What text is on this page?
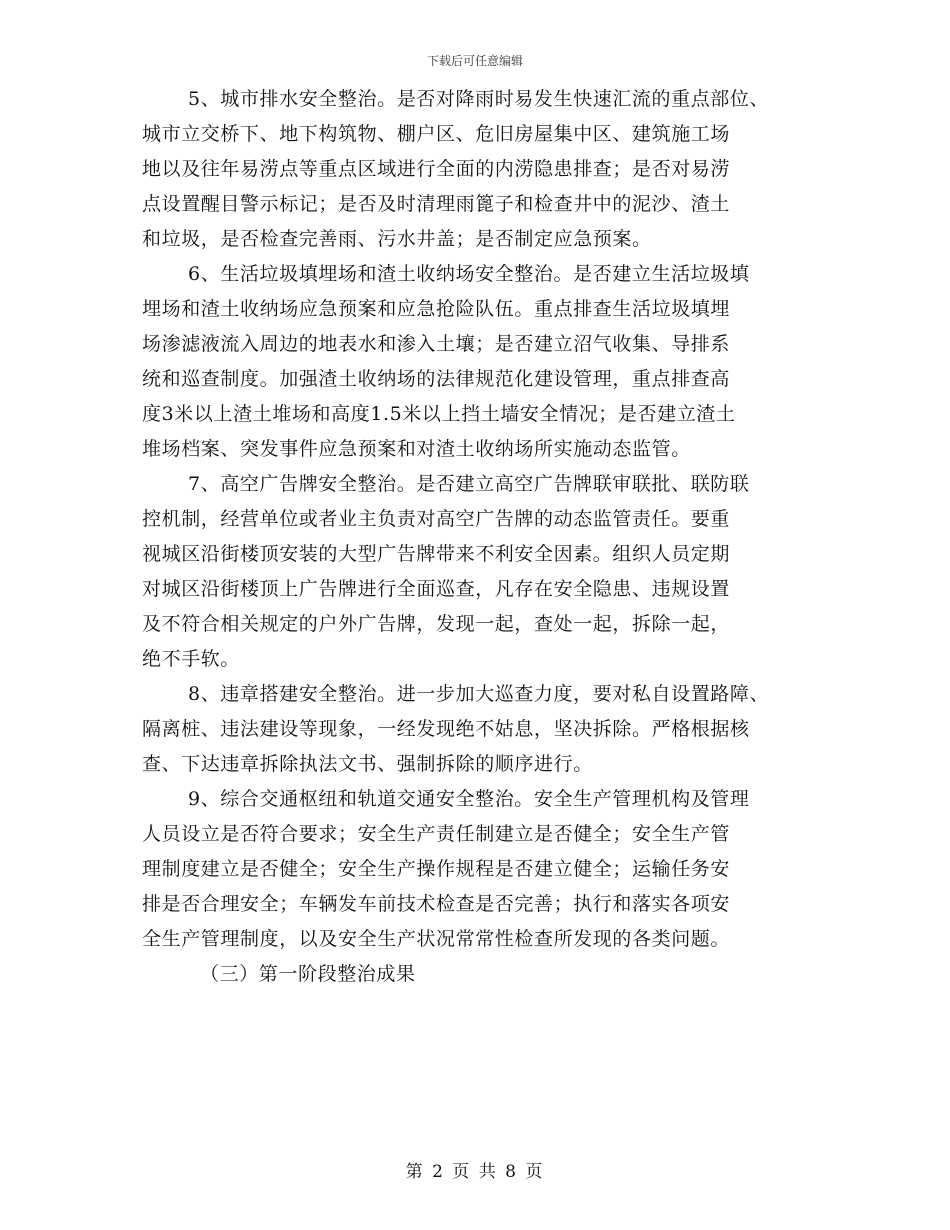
下载后可任意编辑
5、城市排水安全整治。是否对降雨时易发生快速汇流的重点部位、
城市立交桥下、地下构筑物、棚户区、危旧房屋集中区、建筑施工场
地以及往年易涝点等重点区域进行全面的内涝隐患排查；是否对易涝
点设置醒目警示标记；是否及时清理雨篦子和检查井中的泥沙、渣土
和垃圾，是否检查完善雨、污水井盖；是否制定应急预案。
6、生活垃圾填埋场和渣土收纳场安全整治。是否建立生活垃圾填
埋场和渣土收纳场应急预案和应急抢险队伍。重点排查生活垃圾填埋
场渗滤液流入周边的地表水和渗入土壤；是否建立沼气收集、导排系
统和巡查制度。加强渣土收纳场的法律规范化建设管理，重点排查高
度3米以上渣土堆场和高度1.5米以上挡土墙安全情况；是否建立渣土
堆场档案、突发事件应急预案和对渣土收纳场所实施动态监管。
7、高空广告牌安全整治。是否建立高空广告牌联审联批、联防联
控机制，经营单位或者业主负责对高空广告牌的动态监管责任。要重
视城区沿街楼顶安装的大型广告牌带来不利安全因素。组织人员定期
对城区沿街楼顶上广告牌进行全面巡查，凡存在安全隐患、违规设置
及不符合相关规定的户外广告牌，发现一起，查处一起，拆除一起，
绝不手软。
8、违章搭建安全整治。进一步加大巡查力度，要对私自设置路障、
隔离桩、违法建设等现象，一经发现绝不姑息，坚决拆除。严格根据核
查、下达违章拆除执法文书、强制拆除的顺序进行。
9、综合交通枢纽和轨道交通安全整治。安全生产管理机构及管理
人员设立是否符合要求；安全生产责任制建立是否健全；安全生产管
理制度建立是否健全；安全生产操作规程是否建立健全；运输任务安
排是否合理安全；车辆发车前技术检查是否完善；执行和落实各项安
全生产管理制度，以及安全生产状况常常性检查所发现的各类问题。
（三）第一阶段整治成果
第 2 页 共 8 页
